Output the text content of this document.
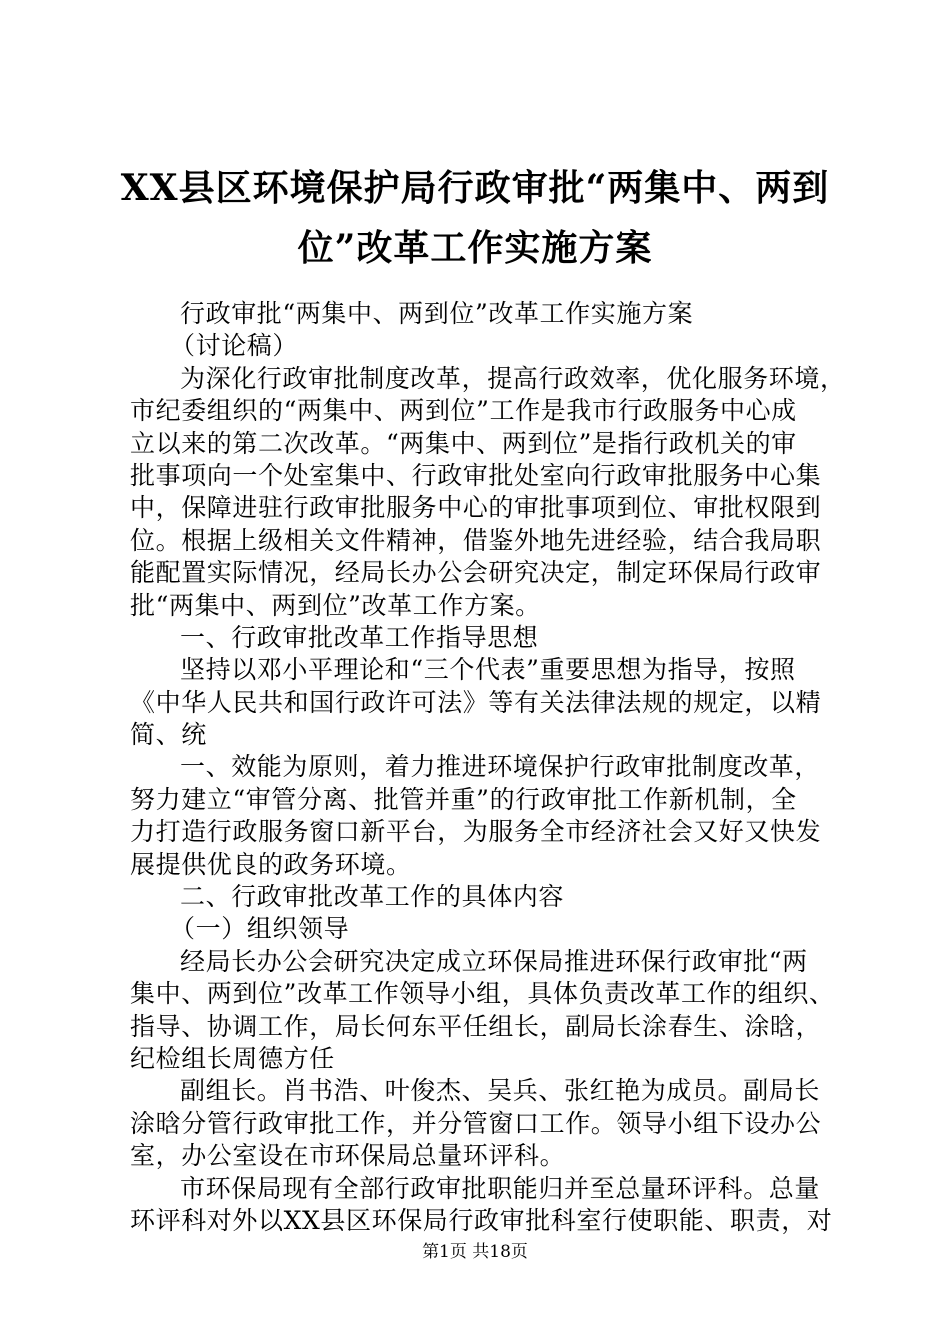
XX县区环境保护局行政审批“两集中、两到
位”改革工作实施方案
行政审批“两集中、两到位”改革工作实施方案
（讨论稿）
为深化行政审批制度改革，提高行政效率，优化服务环境，
市纪委组织的“两集中、两到位”工作是我市行政服务中心成
立以来的第二次改革。“两集中、两到位”是指行政机关的审
批事项向一个处室集中、行政审批处室向行政审批服务中心集
中，保障进驻行政审批服务中心的审批事项到位、审批权限到
位。根据上级相关文件精神，借鉴外地先进经验，结合我局职
能配置实际情况，经局长办公会研究决定，制定环保局行政审
批“两集中、两到位”改革工作方案。
一、行政审批改革工作指导思想
坚持以邓小平理论和“三个代表”重要思想为指导，按照
《中华人民共和国行政许可法》等有关法律法规的规定，以精
简、统
一、效能为原则，着力推进环境保护行政审批制度改革，
努力建立“审管分离、批管并重”的行政审批工作新机制，全
力打造行政服务窗口新平台，为服务全市经济社会又好又快发
展提供优良的政务环境。
二、行政审批改革工作的具体内容
（一）组织领导
经局长办公会研究决定成立环保局推进环保行政审批“两
集中、两到位”改革工作领导小组，具体负责改革工作的组织、
指导、协调工作，局长何东平任组长，副局长涂春生、涂晗，
纪检组长周德方任
副组长。肖书浩、叶俊杰、吴兵、张红艳为成员。副局长
涂晗分管行政审批工作，并分管窗口工作。领导小组下设办公
室，办公室设在市环保局总量环评科。
市环保局现有全部行政审批职能归并至总量环评科。总量
环评科对外以XX县区环保局行政审批科室行使职能、职责，对
第1页 共18页
